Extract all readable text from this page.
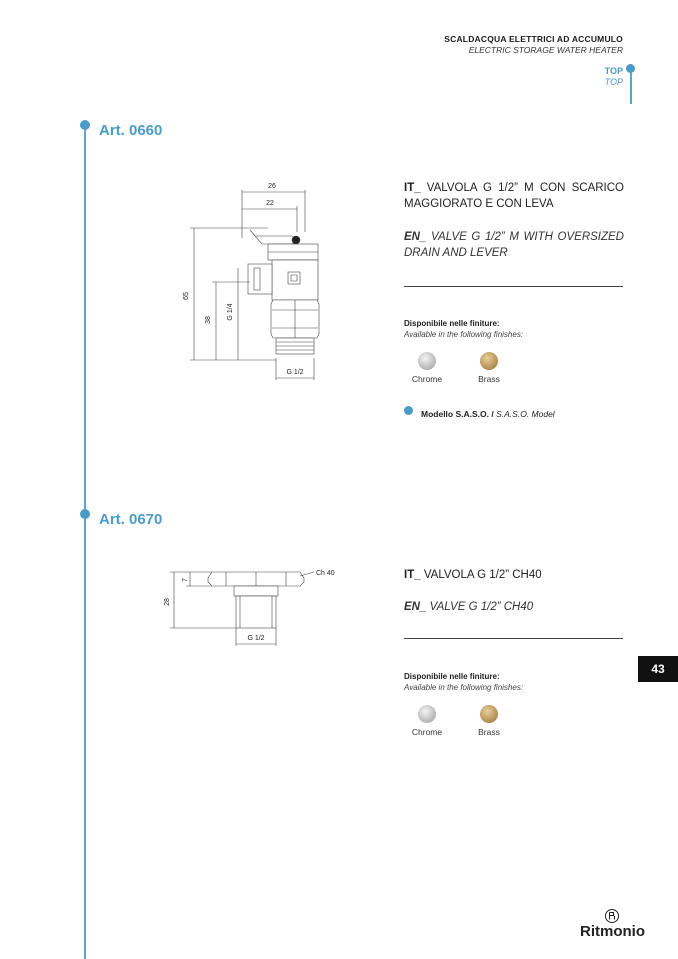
SCALDACQUA ELETTRICI AD ACCUMULO
ELECTRIC STORAGE WATER HEATER
TOP
TOP
Art. 0660
26
22
65
38 G 1/4
G 1/2
IT_ VALVOLA G 1/2” M CON SCARICO MAGGIORATO E CON LEVA
EN_ VALVE G 1/2” M WITH OVERSIZED DRAIN AND LEVER
Disponibile nelle finiture:
Available in the following finishes:
Chrome	Brass
Modello S.A.S.O. / S.A.S.O. Model
Art. 0670
Ch 40
7
28
G 1/2
IT_ VALVOLA G 1/2” CH40
EN_ VALVE G 1/2” CH40
Disponibile nelle finiture:
Available in the following finishes:
Chrome	Brass
43
Ritmonio
